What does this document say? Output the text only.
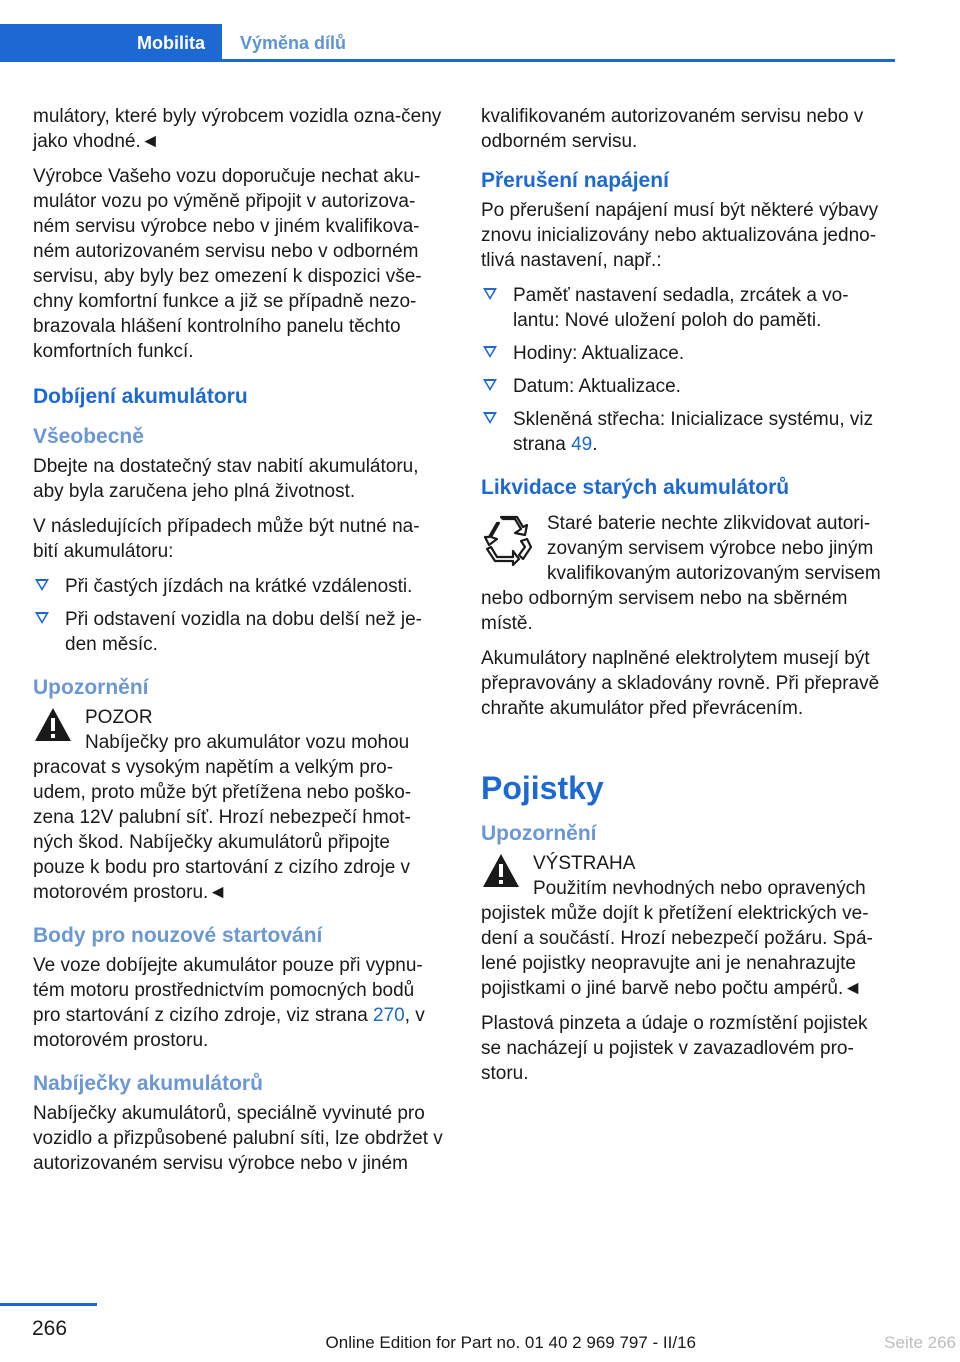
Mobilita	Výměna dílů

mulátory, které byly výrobcem vozidla ozna‐čeny jako vhodné.◄

Výrobce Vašeho vozu doporučuje nechat aku‐mulátor vozu po výměně připojit v autorizova‐ném servisu výrobce nebo v jiném kvalifikova‐ném autorizovaném servisu nebo v odborném servisu, aby byly bez omezení k dispozici vše‐chny komfortní funkce a již se případně nezo‐brazovala hlášení kontrolního panelu těchto komfortních funkcí.

Dobíjení akumulátoru
Všeobecně

Dbejte na dostatečný stav nabití akumulátoru, aby byla zaručena jeho plná životnost.

V následujících případech může být nutné na‐bití akumulátoru:

Při častých jízdách na krátké vzdálenosti.
Při odstavení vozidla na dobu delší než je‐den měsíc.
Upozornění
POZOR
Nabíječky pro akumulátor vozu mohou pracovat s vysokým napětím a velkým pro‐udem, proto může být přetížena nebo poško‐zena 12V palubní síť. Hrozí nebezpečí hmot‐ných škod. Nabíječky akumulátorů připojte pouze k bodu pro startování z cizího zdroje v motorovém prostoru.◄
Body pro nouzové startování

Ve voze dobíjejte akumulátor pouze při vypnu‐tém motoru prostřednictvím pomocných bodů pro startování z cizího zdroje, viz strana 270, v motorovém prostoru.

Nabíječky akumulátorů

Nabíječky akumulátorů, speciálně vyvinuté pro vozidlo a přizpůsobené palubní síti, lze obdržet v autorizovaném servisu výrobce nebo v jiném

kvalifikovaném autorizovaném servisu nebo v odborném servisu.

Přerušení napájení

Po přerušení napájení musí být některé výbavy znovu inicializovány nebo aktualizována jedno‐tlivá nastavení, např.:

Paměť nastavení sedadla, zrcátek a vo‐lantu: Nové uložení poloh do paměti.
Hodiny: Aktualizace.
Datum: Aktualizace.
Skleněná střecha: Inicializace systému, viz strana 49.
Likvidace starých akumulátorů

Staré baterie nechte zlikvidovat autori‐zovaným servisem výrobce nebo jiným kvalifikovaným autorizovaným servisem nebo odborným servisem nebo na sběrném místě.

Akumulátory naplněné elektrolytem musejí být přepravovány a skladovány rovně. Při přepravě chraňte akumulátor před převrácením.

Pojistky
Upozornění
VÝSTRAHA
Použitím nevhodných nebo opravených pojistek může dojít k přetížení elektrických ve‐dení a součástí. Hrozí nebezpečí požáru. Spá‐lené pojistky neopravujte ani je nenahrazujte pojistkami o jiné barvě nebo počtu ampérů.◄

Plastová pinzeta a údaje o rozmístění pojistek se nacházejí u pojistek v zavazadlovém pro‐storu.

266
Online Edition for Part no. 01 40 2 969 797 - II/16	Seite 266
